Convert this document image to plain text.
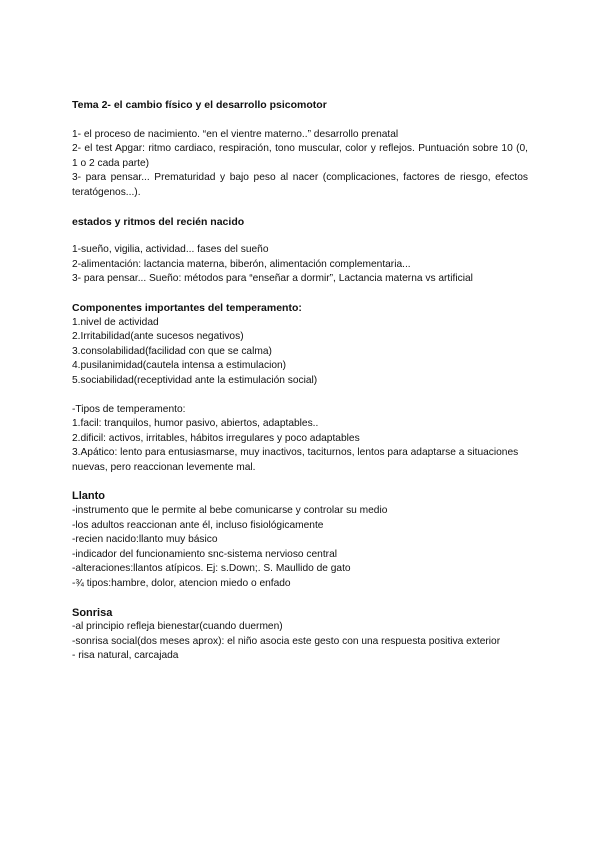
Tema 2- el cambio físico y el desarrollo psicomotor

1- el proceso de nacimiento. “en el vientre materno..” desarrollo prenatal

2- el test Apgar: ritmo cardiaco, respiración, tono muscular, color y reflejos. Puntuación sobre 10 (0, 1 o 2 cada parte)

3- para pensar... Prematuridad y bajo peso al nacer (complicaciones, factores de riesgo, efectos teratógenos...).

estados y ritmos del recién nacido

1-sueño, vigilia, actividad... fases del sueño

2-alimentación: lactancia materna, biberón, alimentación complementaria...

3- para pensar... Sueño: métodos para “enseñar a dormir”, Lactancia materna vs artificial

Componentes importantes del temperamento:

1.nivel de actividad

2.Irritabilidad(ante sucesos negativos)

3.consolabilidad(facilidad con que se calma)

4.pusilanimidad(cautela intensa a estimulacion)

5.sociabilidad(receptividad ante la estimulación social)

-Tipos de temperamento:

1.facil: tranquilos, humor pasivo, abiertos, adaptables..

2.dificil: activos, irritables, hábitos irregulares y poco adaptables

3.Apático: lento para entusiasmarse, muy inactivos, taciturnos, lentos para adaptarse a situaciones nuevas, pero reaccionan levemente mal.

Llanto

-instrumento que le permite al bebe comunicarse y controlar su medio

-los adultos reaccionan ante él, incluso fisiológicamente

-recien nacido:llanto muy básico

-indicador del funcionamiento snc-sistema nervioso central

-alteraciones:llantos atípicos. Ej: s.Down;. S. Maullido de gato

-¾ tipos:hambre, dolor, atencion miedo o enfado

Sonrisa

-al principio refleja bienestar(cuando duermen)

-sonrisa social(dos meses aprox): el niño asocia este gesto con una respuesta positiva exterior

- risa natural, carcajada
